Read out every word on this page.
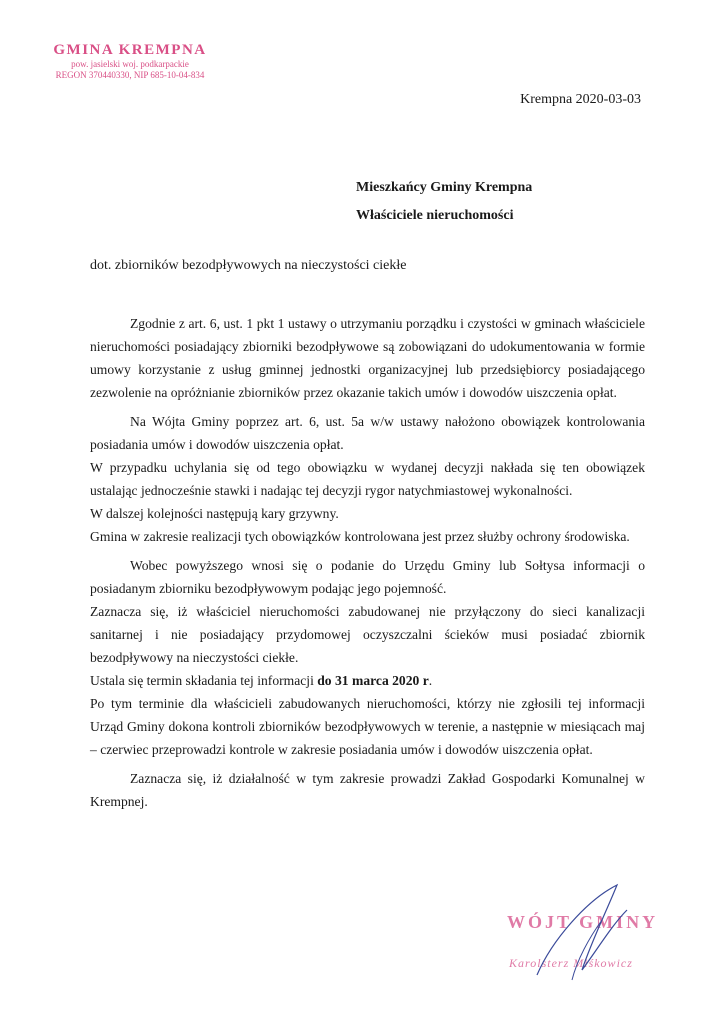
GMINA KREMPNA
pow. jasielski woj. podkarpackie
REGON 370440330, NIP 685-10-04-834
Krempna 2020-03-03
Mieszkańcy Gminy Krempna
Właściciele nieruchomości
dot. zbiorników bezodpływowych na nieczystości ciekłe

Zgodnie z art. 6, ust. 1 pkt 1 ustawy o utrzymaniu porządku i czystości w gminach właściciele nieruchomości posiadający zbiorniki bezodpływowe są zobowiązani do udokumentowania w formie umowy korzystanie z usług gminnej jednostki organizacyjnej lub przedsiębiorcy posiadającego zezwolenie na opróżnianie zbiorników przez okazanie takich umów i dowodów uiszczenia opłat.

Na Wójta Gminy poprzez art. 6, ust. 5a w/w ustawy nałożono obowiązek kontrolowania posiadania umów i dowodów uiszczenia opłat.

W przypadku uchylania się od tego obowiązku w wydanej decyzji nakłada się ten obowiązek ustalając jednocześnie stawki i nadając tej decyzji rygor natychmiastowej wykonalności.

W dalszej kolejności następują kary grzywny.

Gmina w zakresie realizacji tych obowiązków kontrolowana jest przez służby ochrony środowiska.

Wobec powyższego wnosi się o podanie do Urzędu Gminy lub Sołtysa informacji o posiadanym zbiorniku bezodpływowym podając jego pojemność.

Zaznacza się, iż właściciel nieruchomości zabudowanej nie przyłączony do sieci kanalizacji sanitarnej i nie posiadający przydomowej oczyszczalni ścieków musi posiadać zbiornik bezodpływowy na nieczystości ciekłe.

Ustala się termin składania tej informacji do 31 marca 2020 r.

Po tym terminie dla właścicieli zabudowanych nieruchomości, którzy nie zgłosili tej informacji Urząd Gminy dokona kontroli zbiorników bezodpływowych w terenie, a następnie w miesiącach maj – czerwiec przeprowadzi kontrole w zakresie posiadania umów i dowodów uiszczenia opłat.

Zaznacza się, iż działalność w tym zakresie prowadzi Zakład Gospodarki Komunalnej w Krempnej.

WÓJT GMINY
Karolsterz Miśkowicz
